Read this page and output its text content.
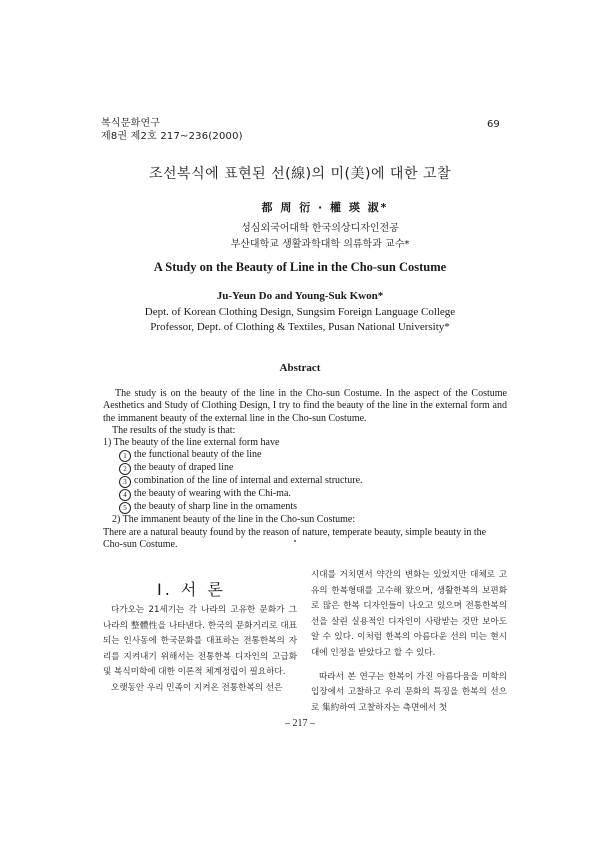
복식문화연구
제8권 제2호 217~236(2000)
69
조선복식에 표현된 선(線)의 미(美)에 대한 고찰
都 周 衍 · 權 瑛 淑*
성심외국어대학 한국의상디자인전공
부산대학교 생활과학대학 의류학과 교수*
A Study on the Beauty of Line in the Cho-sun Costume
Ju-Yeun Do and Young-Suk Kwon*
Dept. of Korean Clothing Design, Sungsim Foreign Language College
Professor, Dept. of Clothing & Textiles, Pusan National University*
Abstract

The study is on the beauty of the line in the Cho-sun Costume. In the aspect of the Costume Aesthetics and Study of Clothing Design, I try to find the beauty of the line in the external form and the immanent beauty of the external line in the Cho-sun Costume.

The results of the study is that:

1) The beauty of the line external form have

1 the functional beauty of the line

2 the beauty of draped line

3 combination of the line of internal and external structure.

4 the beauty of wearing with the Chi-ma.

5 the beauty of sharp line in the ornaments

2) The immanent beauty of the line in the Cho-sun Costume:

There are a natural beauty found by the reason of nature, temperate beauty, simple beauty in the Cho-sun Costume.

I. 서 론

다가오는 21세기는 각 나라의 고유한 문화가 그 나라의 整體性을 나타낸다. 한국의 문화거리로 대표되는 인사동에 한국문화를 대표하는 전통한복의 자리를 지켜내기 위해서는 전통한복 디자인의 고급화 및 복식미학에 대한 이론적 체계정립이 필요하다.

오랫동안 우리 민족이 지켜온 전통한복의 선은

시대를 거치면서 약간의 변화는 있었지만 대체로 고유의 한복형태를 고수해 왔으며, 생활한복의 보편화로 많은 한복 디자인들이 나오고 있으며 전통한복의 선을 살린 실용적인 디자인이 사랑받는 것만 보아도 알 수 있다. 이처럼 한복의 아름다운 선의 미는 현시대에 인정을 받았다고 할 수 있다.

따라서 본 연구는 한복이 가진 아름다움을 미학의 입장에서 고찰하고 우리 문화의 특징을 한복의 선으로 集約하여 고찰하자는 측면에서 첫

– 217 –
